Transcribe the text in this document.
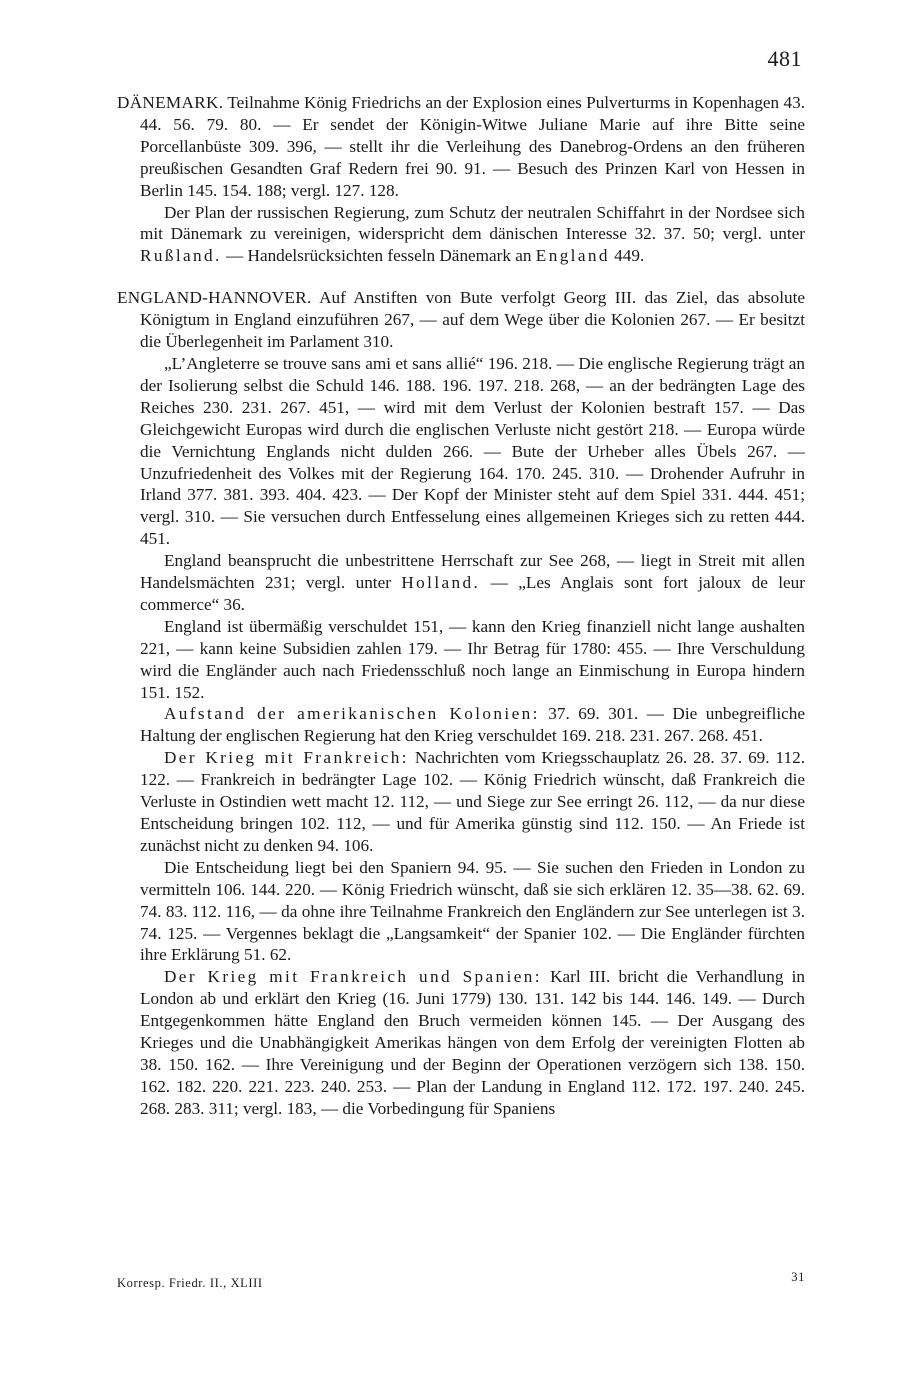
481

DÄNEMARK. Teilnahme König Friedrichs an der Explosion eines Pulverturms in Kopenhagen 43. 44. 56. 79. 80. — Er sendet der Königin-Witwe Juliane Marie auf ihre Bitte seine Porcellanbüste 309. 396, — stellt ihr die Verleihung des Danebrog-Ordens an den früheren preußischen Gesandten Graf Redern frei 90. 91. — Besuch des Prinzen Karl von Hessen in Berlin 145. 154. 188; vergl. 127. 128.

Der Plan der russischen Regierung, zum Schutz der neutralen Schiffahrt in der Nordsee sich mit Dänemark zu vereinigen, widerspricht dem dänischen Interesse 32. 37. 50; vergl. unter Rußland. — Handelsrücksichten fesseln Dänemark an England 449.

ENGLAND-HANNOVER. Auf Anstiften von Bute verfolgt Georg III. das Ziel, das absolute Königtum in England einzuführen 267, — auf dem Wege über die Kolonien 267. — Er besitzt die Überlegenheit im Parlament 310.

„L’Angleterre se trouve sans ami et sans allié“ 196. 218. — Die englische Regierung trägt an der Isolierung selbst die Schuld 146. 188. 196. 197. 218. 268, — an der bedrängten Lage des Reiches 230. 231. 267. 451, — wird mit dem Verlust der Kolonien bestraft 157. — Das Gleichgewicht Europas wird durch die englischen Verluste nicht gestört 218. — Europa würde die Vernichtung Englands nicht dulden 266. — Bute der Urheber alles Übels 267. — Unzufriedenheit des Volkes mit der Regierung 164. 170. 245. 310. — Drohender Aufruhr in Irland 377. 381. 393. 404. 423. — Der Kopf der Minister steht auf dem Spiel 331. 444. 451; vergl. 310. — Sie versuchen durch Entfesselung eines allgemeinen Krieges sich zu retten 444. 451.

England beansprucht die unbestrittene Herrschaft zur See 268, — liegt in Streit mit allen Handelsmächten 231; vergl. unter Holland. — „Les Anglais sont fort jaloux de leur commerce“ 36.

England ist übermäßig verschuldet 151, — kann den Krieg finanziell nicht lange aushalten 221, — kann keine Subsidien zahlen 179. — Ihr Betrag für 1780: 455. — Ihre Verschuldung wird die Engländer auch nach Friedensschluß noch lange an Einmischung in Europa hindern 151. 152.

Aufstand der amerikanischen Kolonien: 37. 69. 301. — Die unbegreifliche Haltung der englischen Regierung hat den Krieg verschuldet 169. 218. 231. 267. 268. 451.

Der Krieg mit Frankreich: Nachrichten vom Kriegsschauplatz 26. 28. 37. 69. 112. 122. — Frankreich in bedrängter Lage 102. — König Friedrich wünscht, daß Frankreich die Verluste in Ostindien wett macht 12. 112, — und Siege zur See erringt 26. 112, — da nur diese Entscheidung bringen 102. 112, — und für Amerika günstig sind 112. 150. — An Friede ist zunächst nicht zu denken 94. 106.

Die Entscheidung liegt bei den Spaniern 94. 95. — Sie suchen den Frieden in London zu vermitteln 106. 144. 220. — König Friedrich wünscht, daß sie sich erklären 12. 35—38. 62. 69. 74. 83. 112. 116, — da ohne ihre Teilnahme Frankreich den Engländern zur See unterlegen ist 3. 74. 125. — Vergennes beklagt die „Langsamkeit“ der Spanier 102. — Die Engländer fürchten ihre Erklärung 51. 62.

Der Krieg mit Frankreich und Spanien: Karl III. bricht die Verhandlung in London ab und erklärt den Krieg (16. Juni 1779) 130. 131. 142 bis 144. 146. 149. — Durch Entgegenkommen hätte England den Bruch vermeiden können 145. — Der Ausgang des Krieges und die Unabhängigkeit Amerikas hängen von dem Erfolg der vereinigten Flotten ab 38. 150. 162. — Ihre Vereinigung und der Beginn der Operationen verzögern sich 138. 150. 162. 182. 220. 221. 223. 240. 253. — Plan der Landung in England 112. 172. 197. 240. 245. 268. 283. 311; vergl. 183, — die Vorbedingung für Spaniens

Korresp. Friedr. II., XLIII	31
